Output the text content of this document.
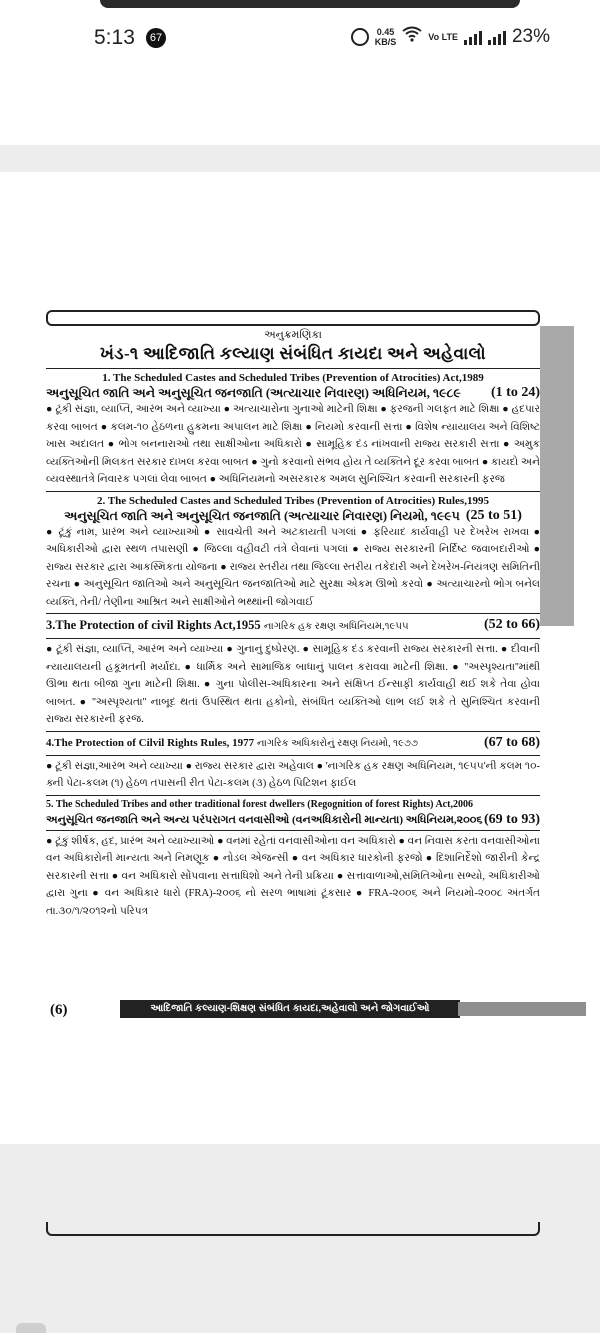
5:13	67	0.45
KB/S	Vo LTE	23%
અનુક્રમણિકા
ખંડ-૧ આદિજાતિ કલ્યાણ સંબંધિત કાયદા અને અહેવાલો
1. The Scheduled Castes and Scheduled Tribes (Prevention of Atrocities) Act,1989
અનુસૂચિત જાતિ અને અનુસૂચિત જનજાતિ (અત્યાચાર નિવારણ) અધિનિયમ, ૧૯૮૯ (1 to 24)
● ટૂંકી સંજ્ઞા, વ્યાપ્તિ, આરંભ અને વ્યાખ્યા ● અત્યાચારોના ગુનાઓ માટેની શિક્ષા ● ફરજની ગલફત માટે શિક્ષા ● હદપાર કરવા બાબત ● કલમ-૧૦ હેઠળના હુકમના અપાલન માટે શિક્ષા ● નિયમો કરવાની સત્તા ● વિશેષ ન્યાયાલય અને વિશિષ્ટ ખાસ અદાલત ● ભોગ બનનારાઓ તથા સાક્ષીઓના અધિકારો ● સામૂહિક દંડ નાંખવાની રાજ્ય સરકારી સત્તા ● અમુક વ્યક્તિઓની મિલકત સરકાર દાખલ કરવા બાબત ● ગુનો કરવાનો સંભવ હોય તે વ્યક્તિને દૂર કરવા બાબત ● કાયદો અને વ્યવસ્થાતંત્રે નિવારક પગલાં લેવા બાબત ● અધિનિયમનો અસરકારક અમલ સુનિશ્ચિત કરવાની સરકારની ફરજ
2. The Scheduled Castes and Scheduled Tribes (Prevention of Atrocities) Rules,1995
અનુસૂચિત જાતિ અને અનુસૂચિત જનજાતિ (અત્યાચાર નિવારણ) નિયમો, ૧૯૯૫ (25 to 51)
● ટૂંકું નામ, પ્રારંભ અને વ્યાખ્યાઓ ● સાવચેતી અને અટકાયતી પગલાં ● ફરિયાદ કાર્યવાહી પર દેખરેખ રાખવા ● અધિકારીઓ દ્વારા સ્થળ તપાસણી ● જિલ્લા વહીવટી તંત્રે લેવાનાં પગલાં ● રાજ્ય સરકારની નિર્દિષ્ટ જવાબદારીઓ ● રાજ્ય સરકાર દ્વારા આકસ્મિકતા યોજના ● રાજ્ય સ્તરીય તથા જિલ્લા સ્તરીય તકેદારી અને દેખરેખ-નિયંત્રણ સમિતિની રચના ● અનુસૂચિત જાતિઓ અને અનુસૂચિત જનજાતિઓ માટે સુરક્ષા એકમ ઊભો કરવો ● અત્યાચારનો ભોગ બનેલ વ્યક્તિ, તેની/ તેણીના આશ્રિત અને સાક્ષીઓને ભથ્થાંની જોગવાઈ
3.The Protection of civil Rights Act,1955 નાગરિક હક રક્ષણ અધિનિયમ,૧૯૫૫	(52 to 66)
● ટૂંકી સંજ્ઞા, વ્યાપ્તિ, આરંભ અને વ્યાખ્યા ● ગુનાનું દુષ્પ્રેરણ. ● સામૂહિક દંડ કરવાની રાજ્ય સરકારની સત્તા. ● દીવાની ન્યાયાલયની હકૂમતની મર્યાદા. ● ધાર્મિક અને સામાજિક બાધાનું પાલન કરાવવા માટેની શિક્ષા. ● ''અસ્પૃશ્યતા''માંથી ઊભા થતા બીજા ગુના માટેની શિક્ષા. ● ગુના પોલીસ-અધિકારના અને સંક્ષિપ્ત ઈન્સાફી કાર્યવાહી થઈ શકે તેવા હોવા બાબત. ● ''અસ્પૃશ્યતા'' નાબૂદ થતાં ઉપસ્થિત થતા હકોનો, સંબંધિત વ્યક્તિઓ લાભ લઈ શકે તે સુનિશ્ચિત કરવાની રાજ્ય સરકારની ફરજ.
4.The Protection of Cilvil Rights Rules, 1977 નાગરિક અધિકારોનું રક્ષણ નિયમો, ૧૯૭૭	(67 to 68)
● ટૂંકી સંજ્ઞા,આરંભ અને વ્યાખ્યા ● રાજ્ય સરકાર દ્વારા અહેવાલ ● 'નાગરિક હક રક્ષણ અધિનિયમ, ૧૯૫૫'ની કલમ ૧૦-ક્ની પેટા-કલમ (૧) હેઠળ તપાસની રીત પેટા-કલમ (૩) હેઠળ પિટિશન ફાઈલ
5. The Scheduled Tribes and other traditional forest dwellers (Regognition of forest Rights) Act,2006
અનુસૂચિત જનજાતિ અને અન્ય પરંપરાગત વનવાસીઓ (વનઅધિકારોની માન્યતા) અધિનિયમ,૨૦૦૬ (69 to 93)
● ટૂંકું શીર્ષક, હદ, પ્રારંભ અને વ્યાખ્યાઓ ● વનમાં રહેતાં વનવાસીઓના વન અધિકારો ● વન નિવાસ કરતા વનવાસીઓના વન અધિકારોની માન્યતા અને નિમણૂક ● નોડલ એજન્સી ● વન અધિકાર ધારકોની ફરજો ● દિશાનિર્દેશો જારીની કેન્દ્ર સરકારની સત્તા ● વન અધિકારો સોંપવાના સત્તાધિશો અને તેની પ્રક્રિયા ● સત્તાવાળાઓ,સમિતિઓના સભ્યો, અધિકારીઓ દ્વારા ગુના ● વન અધિકાર ધારો (FRA)-૨૦૦૬ નો સરળ ભાષામાં ટૂંકસાર ● FRA-૨૦૦૬ અને નિયમો-૨૦૦૮ અંતર્ગત તા.૩૦/૧/૨૦૧૨નો પરિપત્ર
(6)	આદિજાતિ કલ્યાણ-શિક્ષણ સંબંધિત કાયદા,અહેવાલો અને જોગવાઈઓ
